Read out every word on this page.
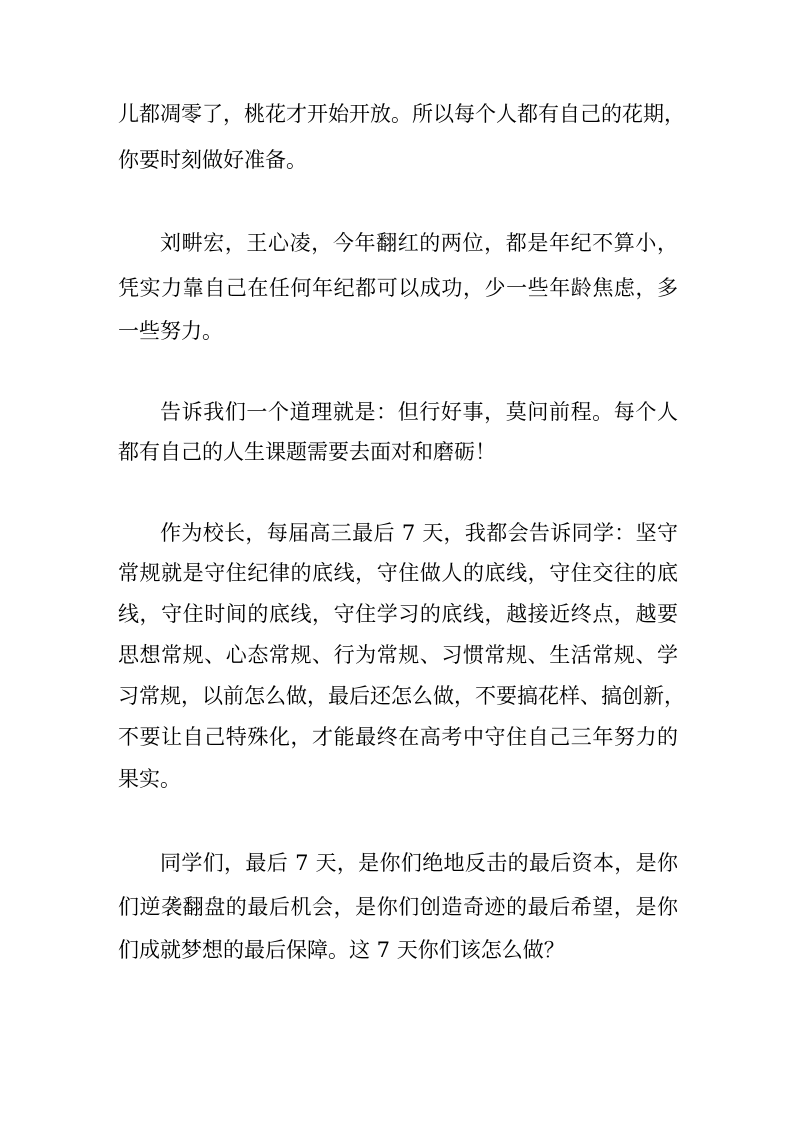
儿都凋零了，桃花才开始开放。所以每个人都有自己的花期，
你要时刻做好准备。
刘畊宏，王心凌，今年翻红的两位，都是年纪不算小，
凭实力靠自己在任何年纪都可以成功，少一些年龄焦虑，多
一些努力。
告诉我们一个道理就是：但行好事，莫问前程。每个人
都有自己的人生课题需要去面对和磨砺！
作为校长，每届高三最后 7 天，我都会告诉同学：坚守
常规就是守住纪律的底线，守住做人的底线，守住交往的底
线，守住时间的底线，守住学习的底线，越接近终点，越要
思想常规、心态常规、行为常规、习惯常规、生活常规、学
习常规，以前怎么做，最后还怎么做，不要搞花样、搞创新，
不要让自己特殊化，才能最终在高考中守住自己三年努力的
果实。
同学们，最后 7 天，是你们绝地反击的最后资本，是你
们逆袭翻盘的最后机会，是你们创造奇迹的最后希望，是你
们成就梦想的最后保障。这 7 天你们该怎么做？
